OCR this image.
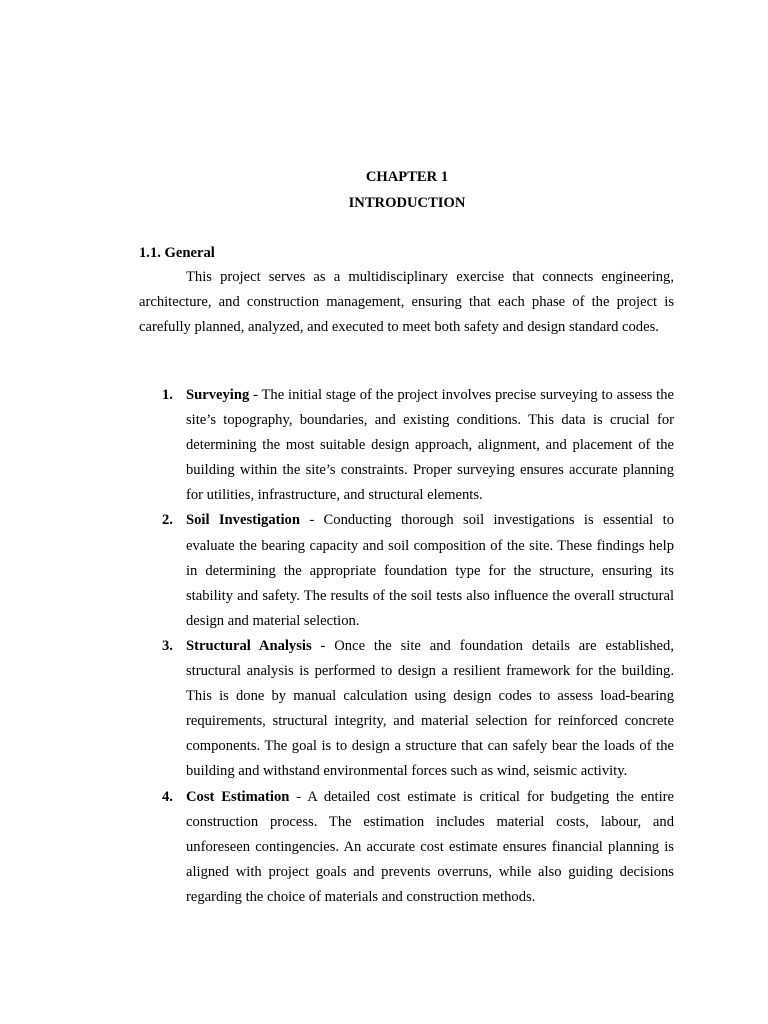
CHAPTER 1
INTRODUCTION
1.1. General

This project serves as a multidisciplinary exercise that connects engineering, architecture, and construction management, ensuring that each phase of the project is carefully planned, analyzed, and executed to meet both safety and design standard codes.

1. Surveying - The initial stage of the project involves precise surveying to assess the site’s topography, boundaries, and existing conditions. This data is crucial for determining the most suitable design approach, alignment, and placement of the building within the site’s constraints. Proper surveying ensures accurate planning for utilities, infrastructure, and structural elements.
2. Soil Investigation - Conducting thorough soil investigations is essential to evaluate the bearing capacity and soil composition of the site. These findings help in determining the appropriate foundation type for the structure, ensuring its stability and safety. The results of the soil tests also influence the overall structural design and material selection.
3. Structural Analysis - Once the site and foundation details are established, structural analysis is performed to design a resilient framework for the building. This is done by manual calculation using design codes to assess load-bearing requirements, structural integrity, and material selection for reinforced concrete components. The goal is to design a structure that can safely bear the loads of the building and withstand environmental forces such as wind, seismic activity.
4. Cost Estimation - A detailed cost estimate is critical for budgeting the entire construction process. The estimation includes material costs, labour, and unforeseen contingencies. An accurate cost estimate ensures financial planning is aligned with project goals and prevents overruns, while also guiding decisions regarding the choice of materials and construction methods.
